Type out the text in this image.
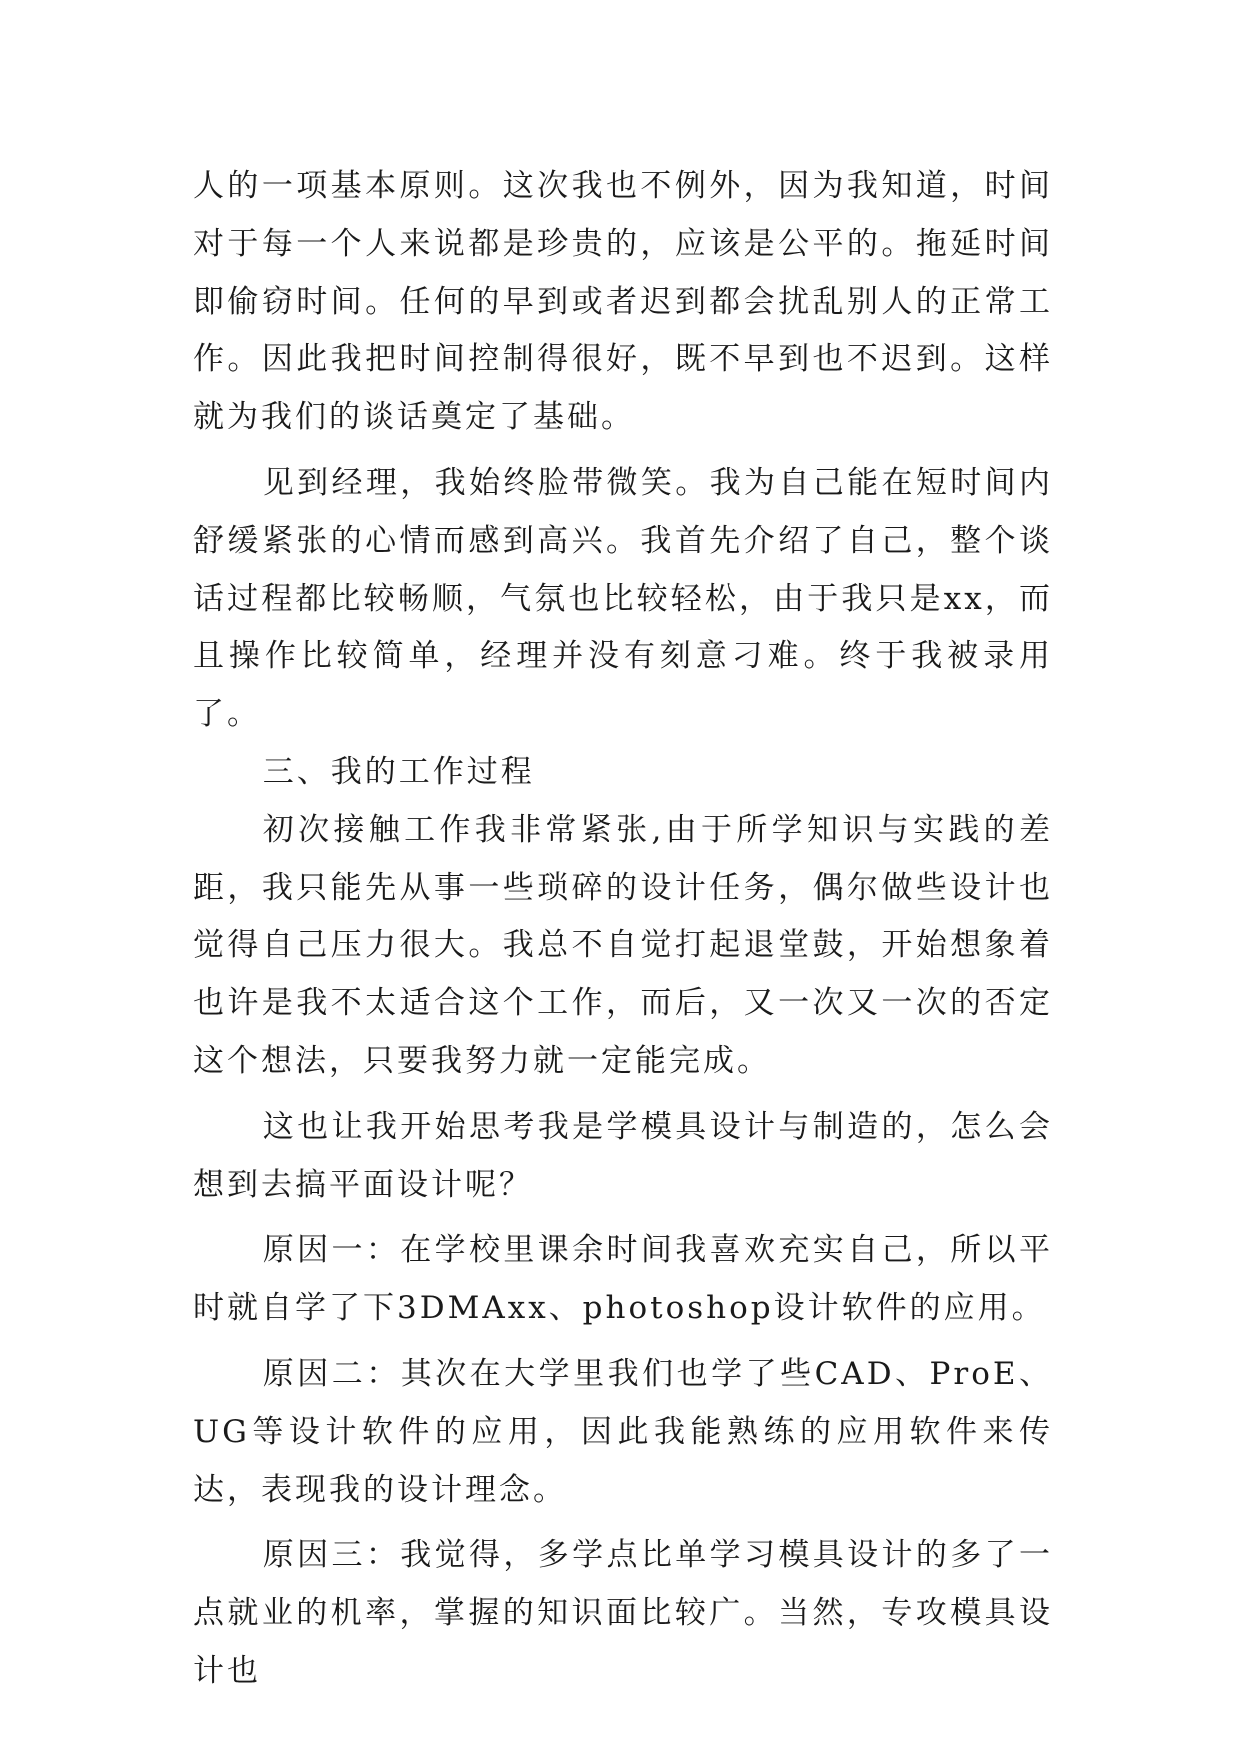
人的一项基本原则。这次我也不例外，因为我知道，时间对于每一个人来说都是珍贵的，应该是公平的。拖延时间即偷窃时间。任何的早到或者迟到都会扰乱别人的正常工作。因此我把时间控制得很好，既不早到也不迟到。这样就为我们的谈话奠定了基础。

见到经理，我始终脸带微笑。我为自己能在短时间内舒缓紧张的心情而感到高兴。我首先介绍了自己，整个谈话过程都比较畅顺，气氛也比较轻松，由于我只是xx，而且操作比较简单，经理并没有刻意刁难。终于我被录用了。

三、我的工作过程

初次接触工作我非常紧张,由于所学知识与实践的差距，我只能先从事一些琐碎的设计任务，偶尔做些设计也觉得自己压力很大。我总不自觉打起退堂鼓，开始想象着也许是我不太适合这个工作，而后，又一次又一次的否定这个想法，只要我努力就一定能完成。

这也让我开始思考我是学模具设计与制造的，怎么会想到去搞平面设计呢？

原因一：在学校里课余时间我喜欢充实自己，所以平时就自学了下3DMAxx、photoshop设计软件的应用。

原因二：其次在大学里我们也学了些CAD、ProE、UG等设计软件的应用，因此我能熟练的应用软件来传达，表现我的设计理念。

原因三：我觉得，多学点比单学习模具设计的多了一点就业的机率，掌握的知识面比较广。当然，专攻模具设计也
